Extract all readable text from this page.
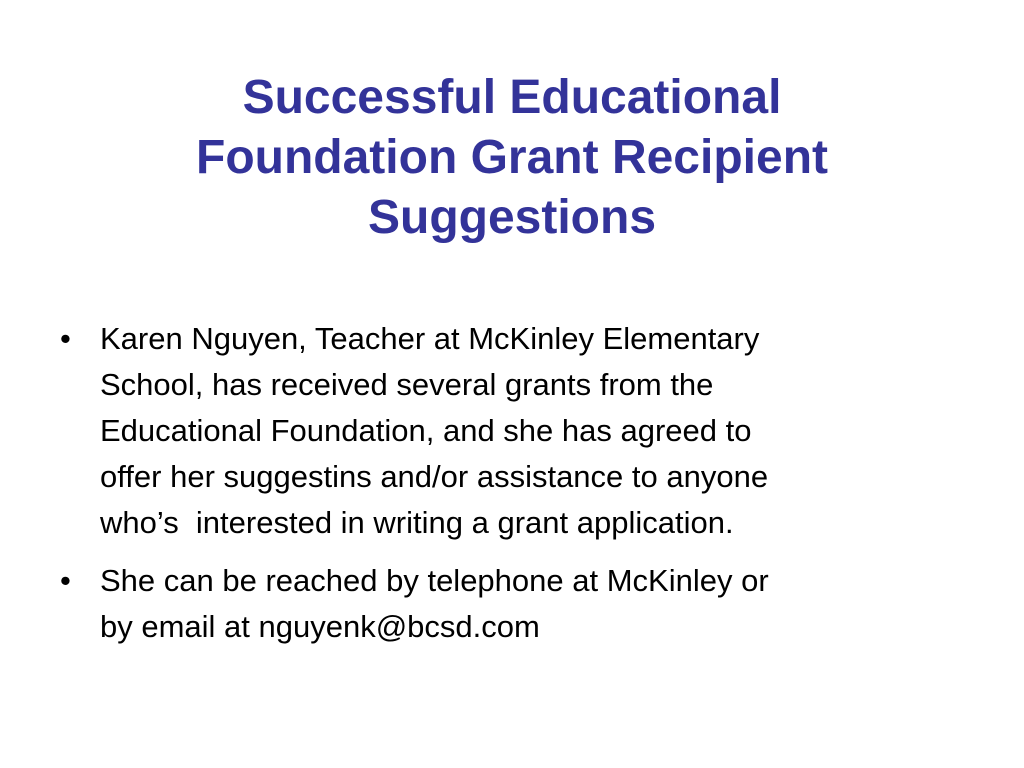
Successful Educational
Foundation Grant Recipient
Suggestions
• Karen Nguyen, Teacher at McKinley Elementary
School, has received several grants from the
Educational Foundation, and she has agreed to
offer her suggestins and/or assistance to anyone
who’s  interested in writing a grant application.
• She can be reached by telephone at McKinley or
by email at nguyenk@bcsd.com
